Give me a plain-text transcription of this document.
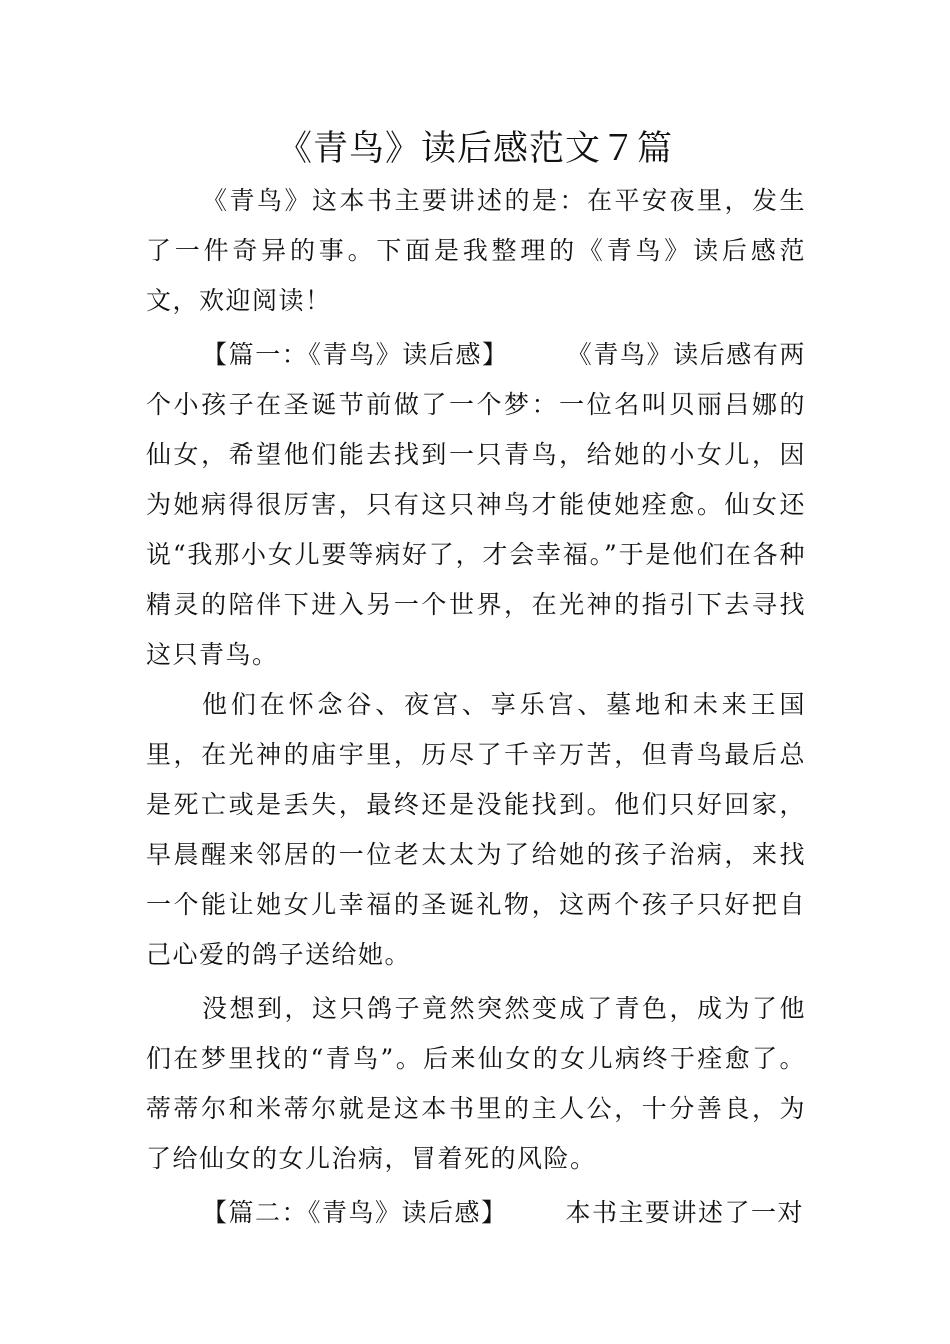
《青鸟》读后感范文７篇

《青鸟》这本书主要讲述的是：在平安夜里，发生了一件奇异的事。下面是我整理的《青鸟》读后感范文，欢迎阅读！

【篇一：《青鸟》读后感】 《青鸟》读后感有两个小孩子在圣诞节前做了一个梦：一位名叫贝丽吕娜的仙女，希望他们能去找到一只青鸟，给她的小女儿，因为她病得很厉害，只有这只神鸟才能使她痊愈。仙女还说“我那小女儿要等病好了，才会幸福。”于是他们在各种精灵的陪伴下进入另一个世界，在光神的指引下去寻找这只青鸟。

他们在怀念谷、夜宫、享乐宫、墓地和未来王国里，在光神的庙宇里，历尽了千辛万苦，但青鸟最后总是死亡或是丢失，最终还是没能找到。他们只好回家，早晨醒来邻居的一位老太太为了给她的孩子治病，来找一个能让她女儿幸福的圣诞礼物，这两个孩子只好把自己心爱的鸽子送给她。

没想到，这只鸽子竟然突然变成了青色，成为了他们在梦里找的“青鸟”。后来仙女的女儿病终于痊愈了。蒂蒂尔和米蒂尔就是这本书里的主人公，十分善良，为了给仙女的女儿治病，冒着死的风险。

【篇二：《青鸟》读后感】 本书主要讲述了一对
